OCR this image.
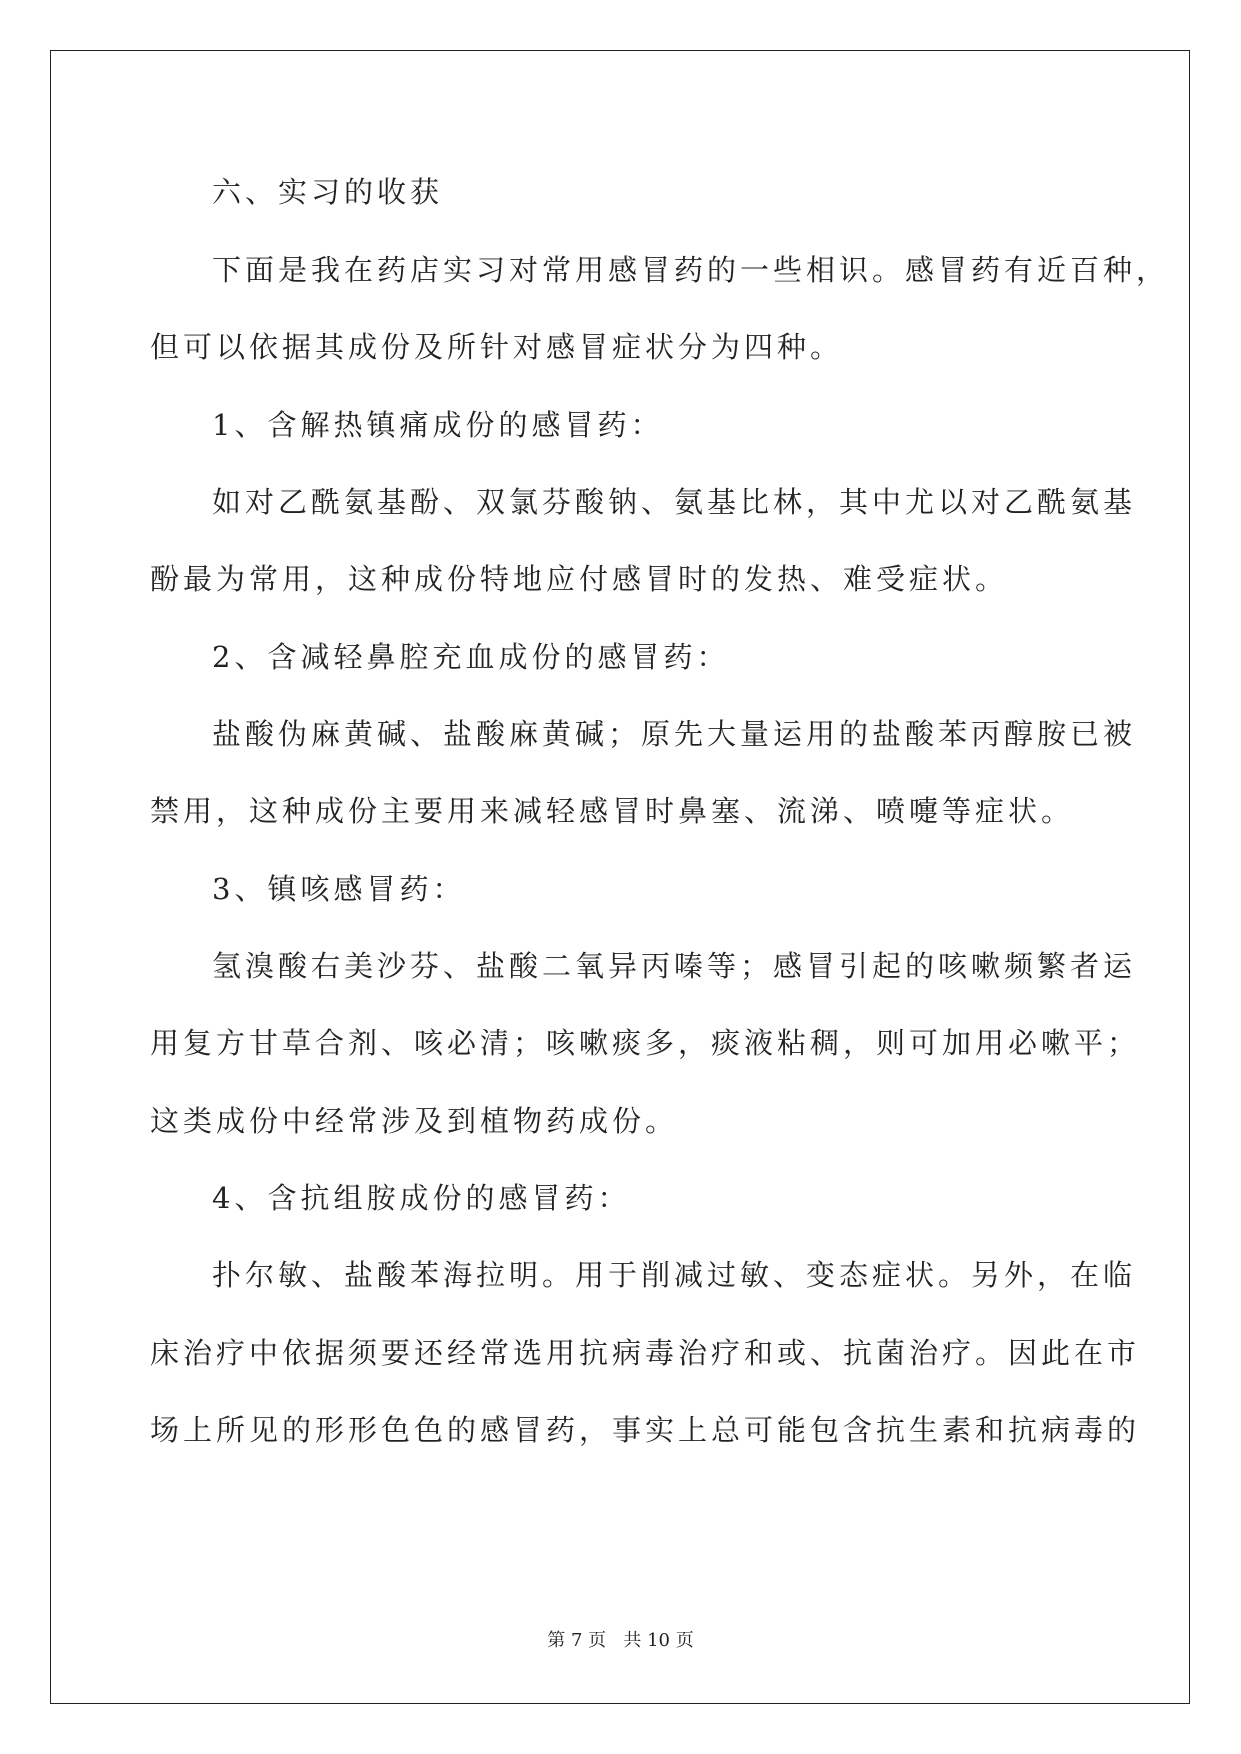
六、实习的收获
下面是我在药店实习对常用感冒药的一些相识。感冒药有近百种，
但可以依据其成份及所针对感冒症状分为四种。
1、含解热镇痛成份的感冒药：
如对乙酰氨基酚、双氯芬酸钠、氨基比林，其中尤以对乙酰氨基
酚最为常用，这种成份特地应付感冒时的发热、难受症状。
2、含减轻鼻腔充血成份的感冒药：
盐酸伪麻黄碱、盐酸麻黄碱；原先大量运用的盐酸苯丙醇胺已被
禁用，这种成份主要用来减轻感冒时鼻塞、流涕、喷嚏等症状。
3、镇咳感冒药：
氢溴酸右美沙芬、盐酸二氧异丙嗪等；感冒引起的咳嗽频繁者运
用复方甘草合剂、咳必清；咳嗽痰多，痰液粘稠，则可加用必嗽平；
这类成份中经常涉及到植物药成份。
4、含抗组胺成份的感冒药：
扑尔敏、盐酸苯海拉明。用于削减过敏、变态症状。另外，在临
床治疗中依据须要还经常选用抗病毒治疗和或、抗菌治疗。因此在市
场上所见的形形色色的感冒药，事实上总可能包含抗生素和抗病毒的
第 7 页   共 10 页
